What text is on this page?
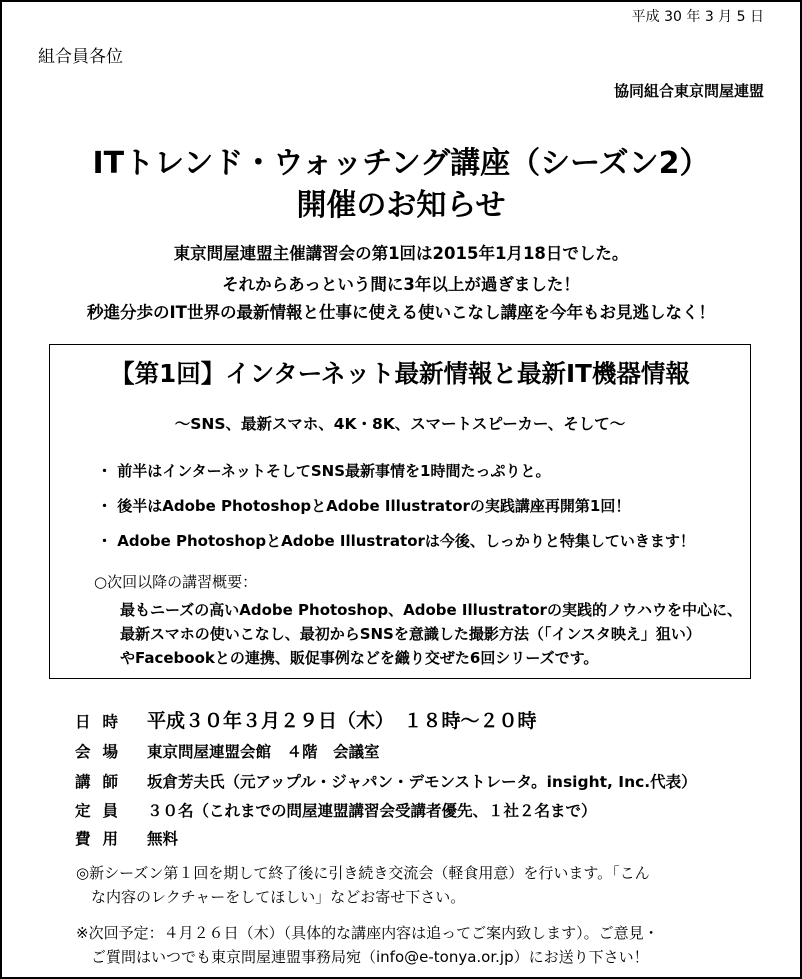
平成 30 年 3 月 5 日
組合員各位
協同組合東京問屋連盟
ITトレンド・ウォッチング講座（シーズン2）
開催のお知らせ
東京問屋連盟主催講習会の第1回は2015年1月18日でした。
それからあっという間に3年以上が過ぎました！
秒進分歩のIT世界の最新情報と仕事に使える使いこなし講座を今年もお見逃しなく！
【第1回】インターネット最新情報と最新IT機器情報
～SNS、最新スマホ、4K・8K、スマートスピーカー、そして～
・ 前半はインターネットそしてSNS最新事情を1時間たっぷりと。
・ 後半はAdobe PhotoshopとAdobe Illustratorの実践講座再開第1回！
・ Adobe PhotoshopとAdobe Illustratorは今後、しっかりと特集していきます！
○次回以降の講習概要：
最もニーズの高いAdobe Photoshop、Adobe Illustratorの実践的ノウハウを中心に、
最新スマホの使いこなし、最初からSNSを意識した撮影方法（「インスタ映え」狙い）
やFacebookとの連携、販促事例などを織り交ぜた6回シリーズです。
日時 平成３０年３月２９日（木）　１８時～２０時
会場 東京問屋連盟会館　４階　会議室
講師 坂倉芳夫氏（元アップル・ジャパン・デモンストレータ。insight, Inc.代表）
定員 ３０名（これまでの問屋連盟講習会受講者優先、１社２名まで）
費用 無料
◎新シーズン第１回を期して終了後に引き続き交流会（軽食用意）を行います。「こん
　な内容のレクチャーをしてほしい」などお寄せ下さい。
※次回予定：４月２６日（木）（具体的な講座内容は追ってご案内致します）。ご意見・
　ご質問はいつでも東京問屋連盟事務局宛（info@e-tonya.or.jp）にお送り下さい！
